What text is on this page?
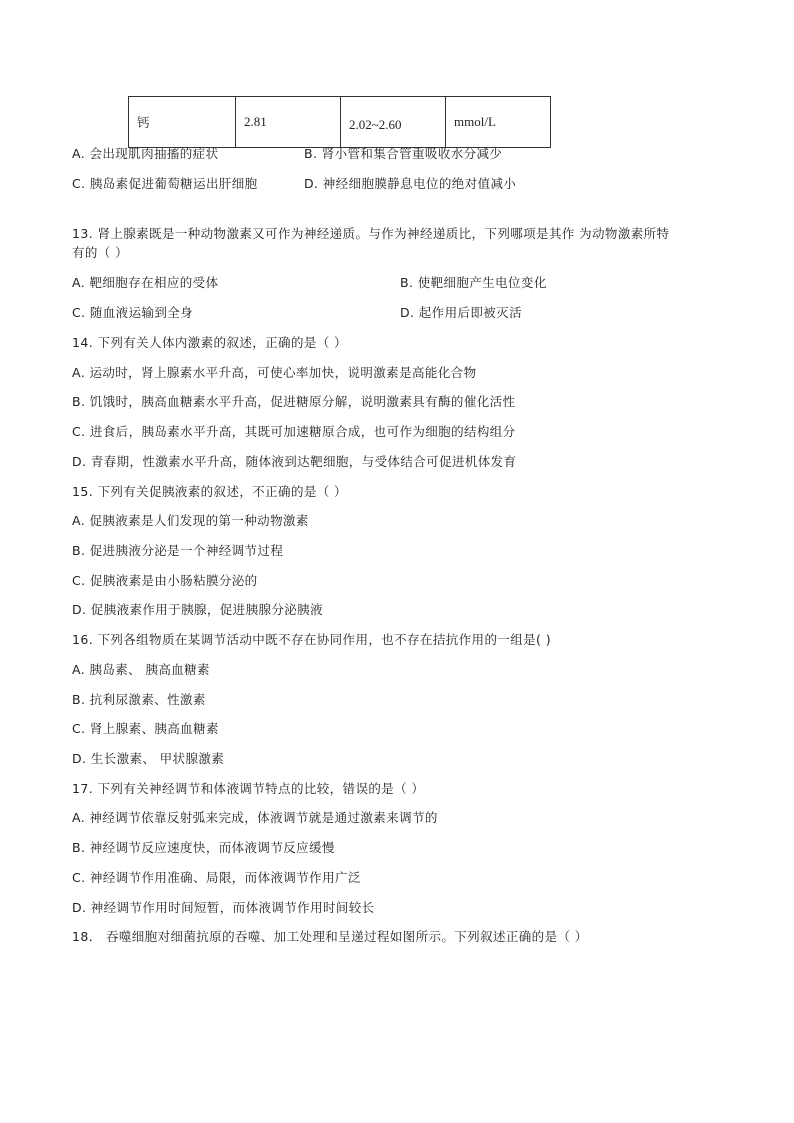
钙	2.81	2.02~2.60	mmol/L
A. 会出现肌肉抽搐的症状	B. 肾小管和集合管重吸收水分减少
C. 胰岛素促进葡萄糖运出肝细胞	D. 神经细胞膜静息电位的绝对值减小
13. 肾上腺素既是一种动物激素又可作为神经递质。与作为神经递质比，下列哪项是其作 为动物激素所特
有的（ ）
A. 靶细胞存在相应的受体	B. 使靶细胞产生电位变化
C. 随血液运输到全身	D. 起作用后即被灭活
14. 下列有关人体内激素的叙述，正确的是（ ）
A. 运动时，肾上腺素水平升高，可使心率加快，说明激素是高能化合物
B. 饥饿时，胰高血糖素水平升高，促进糖原分解，说明激素具有酶的催化活性
C. 进食后，胰岛素水平升高，其既可加速糖原合成，也可作为细胞的结构组分
D. 青春期，性激素水平升高，随体液到达靶细胞，与受体结合可促进机体发育
15. 下列有关促胰液素的叙述，不正确的是（ ）
A. 促胰液素是人们发现的第一种动物激素
B. 促进胰液分泌是一个神经调节过程
C. 促胰液素是由小肠粘膜分泌的
D. 促胰液素作用于胰腺，促进胰腺分泌胰液
16. 下列各组物质在某调节活动中既不存在协同作用，也不存在拮抗作用的一组是( )
A. 胰岛素、 胰高血糖素
B. 抗利尿激素、性激素
C. 肾上腺素、胰高血糖素
D. 生长激素、 甲状腺激素
17. 下列有关神经调节和体液调节特点的比较，错误的是（ ）
A. 神经调节依靠反射弧来完成，体液调节就是通过激素来调节的
B. 神经调节反应速度快，而体液调节反应缓慢
C. 神经调节作用准确、局限，而体液调节作用广泛
D. 神经调节作用时间短暂，而体液调节作用时间较长
18． 吞噬细胞对细菌抗原的吞噬、加工处理和呈递过程如图所示。下列叙述正确的是（ ）
